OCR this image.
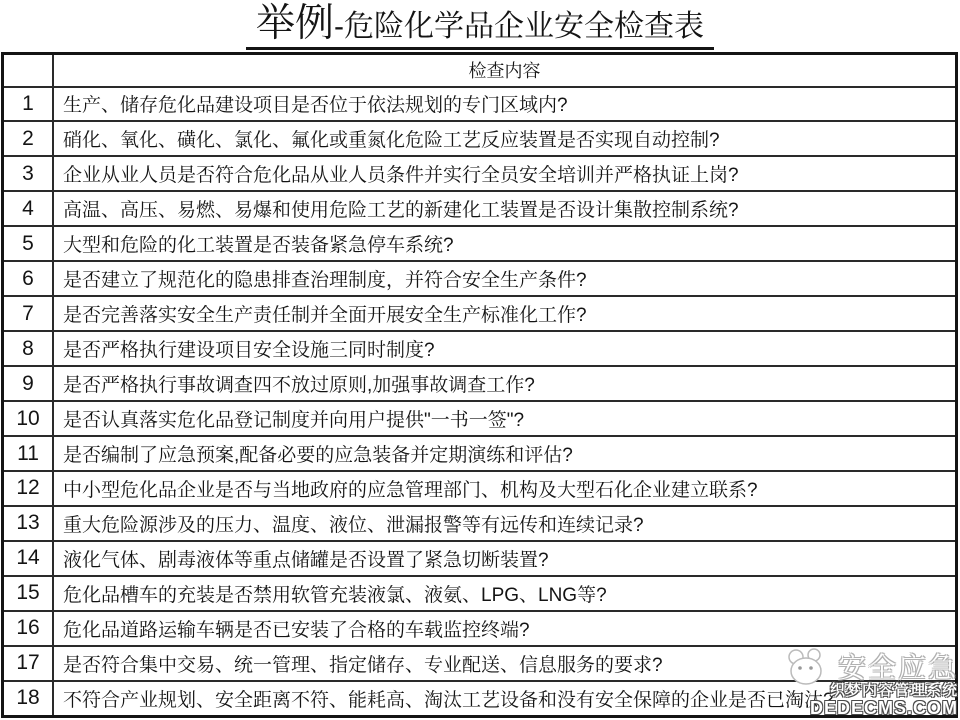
举例-危险化学品企业安全检查表
	检查内容
1	生产、储存危化品建设项目是否位于依法规划的专门区域内?
2	硝化、氧化、磺化、氯化、氟化或重氮化危险工艺反应装置是否实现自动控制?
3	企业从业人员是否符合危化品从业人员条件并实行全员安全培训并严格执证上岗?
4	高温、高压、易燃、易爆和使用危险工艺的新建化工装置是否设计集散控制系统?
5	大型和危险的化工装置是否装备紧急停车系统?
6	是否建立了规范化的隐患排查治理制度，并符合安全生产条件?
7	是否完善落实安全生产责任制并全面开展安全生产标准化工作?
8	是否严格执行建设项目安全设施三同时制度?
9	是否严格执行事故调查四不放过原则,加强事故调查工作?
10	是否认真落实危化品登记制度并向用户提供"一书一签"?
11	是否编制了应急预案,配备必要的应急装备并定期演练和评估?
12	中小型危化品企业是否与当地政府的应急管理部门、机构及大型石化企业建立联系?
13	重大危险源涉及的压力、温度、液位、泄漏报警等有远传和连续记录?
14	液化气体、剧毒液体等重点储罐是否设置了紧急切断装置?
15	危化品槽车的充装是否禁用软管充装液氯、液氨、LPG、LNG等?
16	危化品道路运输车辆是否已安装了合格的车载监控终端?
17	是否符合集中交易、统一管理、指定储存、专业配送、信息服务的要求?
18	不符合产业规划、安全距离不符、能耗高、淘汰工艺设备和没有安全保障的企业是否已淘汰?
安全应急
织梦内容管理系统
DEDECMS.COM
